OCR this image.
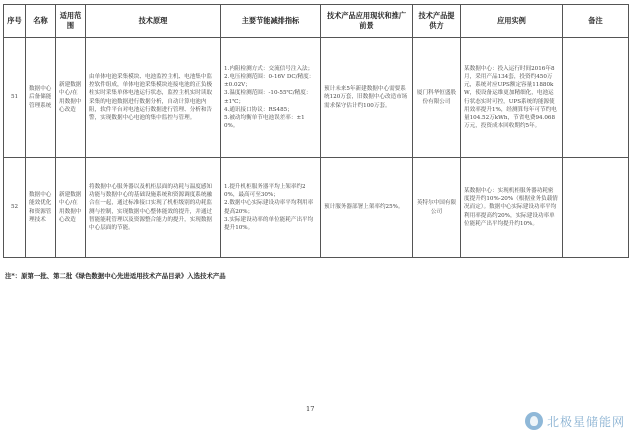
序号	名称	适用范围	技术原理	主要节能减排指标	技术产品应用现状和推广前景	技术产品提供方	应用实例	备注
51	数据中心后备储能管理系统	新建数据中心/在用数据中心改造	由单体电池采集模块、电池监控主机、电池集中监控软件组成，单体电池采集模块连接电池的正负极柱实时采集单体电池运行状态，监控主机实时读取采集的电池数据进行数据分析，自动计算电池内阻，软件平台对电池运行数据进行管理、分析和告警，实现数据中心电池的集中监控与管理。	1.内阻检测方式：交流信号注入法；
2.电压检测范围：0-16V DC/精度：±0.02V；
3.温度检测范围：-10-55℃/精度：±1℃；
4.通讯接口协议：RS485；
5.被动均衡单节电池误差率：±10%。	预计未来5年新建数据中心需要系统120万套，旧数据中心改造市场需求保守估计约100万套。	厦门科华恒盛股份有限公司	某数据中心：投入运行时间2016年8月，采用产品134套，投资约450万元，系统对应UPS额定容量11880kW，使设备运维更加精细化，电池运行状态实时可控，UPS系统的能源使用效率提升1%，经测算每年可节约电量104.52万kWh，节省电费94.068万元，投资成本回收期约5年。	
52	数据中心能效优化和资源管理技术	新建数据中心/在用数据中心改造	将数据中心服务器以及机柜层面的功耗与温度感知功能与数据中心的基础设施系统和资源调度系统融合在一起，通过标准接口实现了机柜级别的功耗监测与控制，实现数据中心整体能效的提升，并通过智能能耗管理以及资源整合能力的提升，实现数据中心层面的节能。	1.提升机柜服务器平均上架率约20%，最高可至30%；
2.数据中心实际建设功率平均利用率提高20%；
3.实际建设功率的单位能耗产出平均提升10%。	预计服务器部署上架率约25%。	英特尔中国有限公司	某数据中心：实现机柜服务器功耗密度提升约10%-20%（根据业务负载情况而定）。数据中心实际建设功率平均利用率提高约20%，实际建设功率单位能耗产出平均提升约10%。	
注*：原第一批、第二批《绿色数据中心先进适用技术产品目录》入选技术产品
17
北极星储能网
